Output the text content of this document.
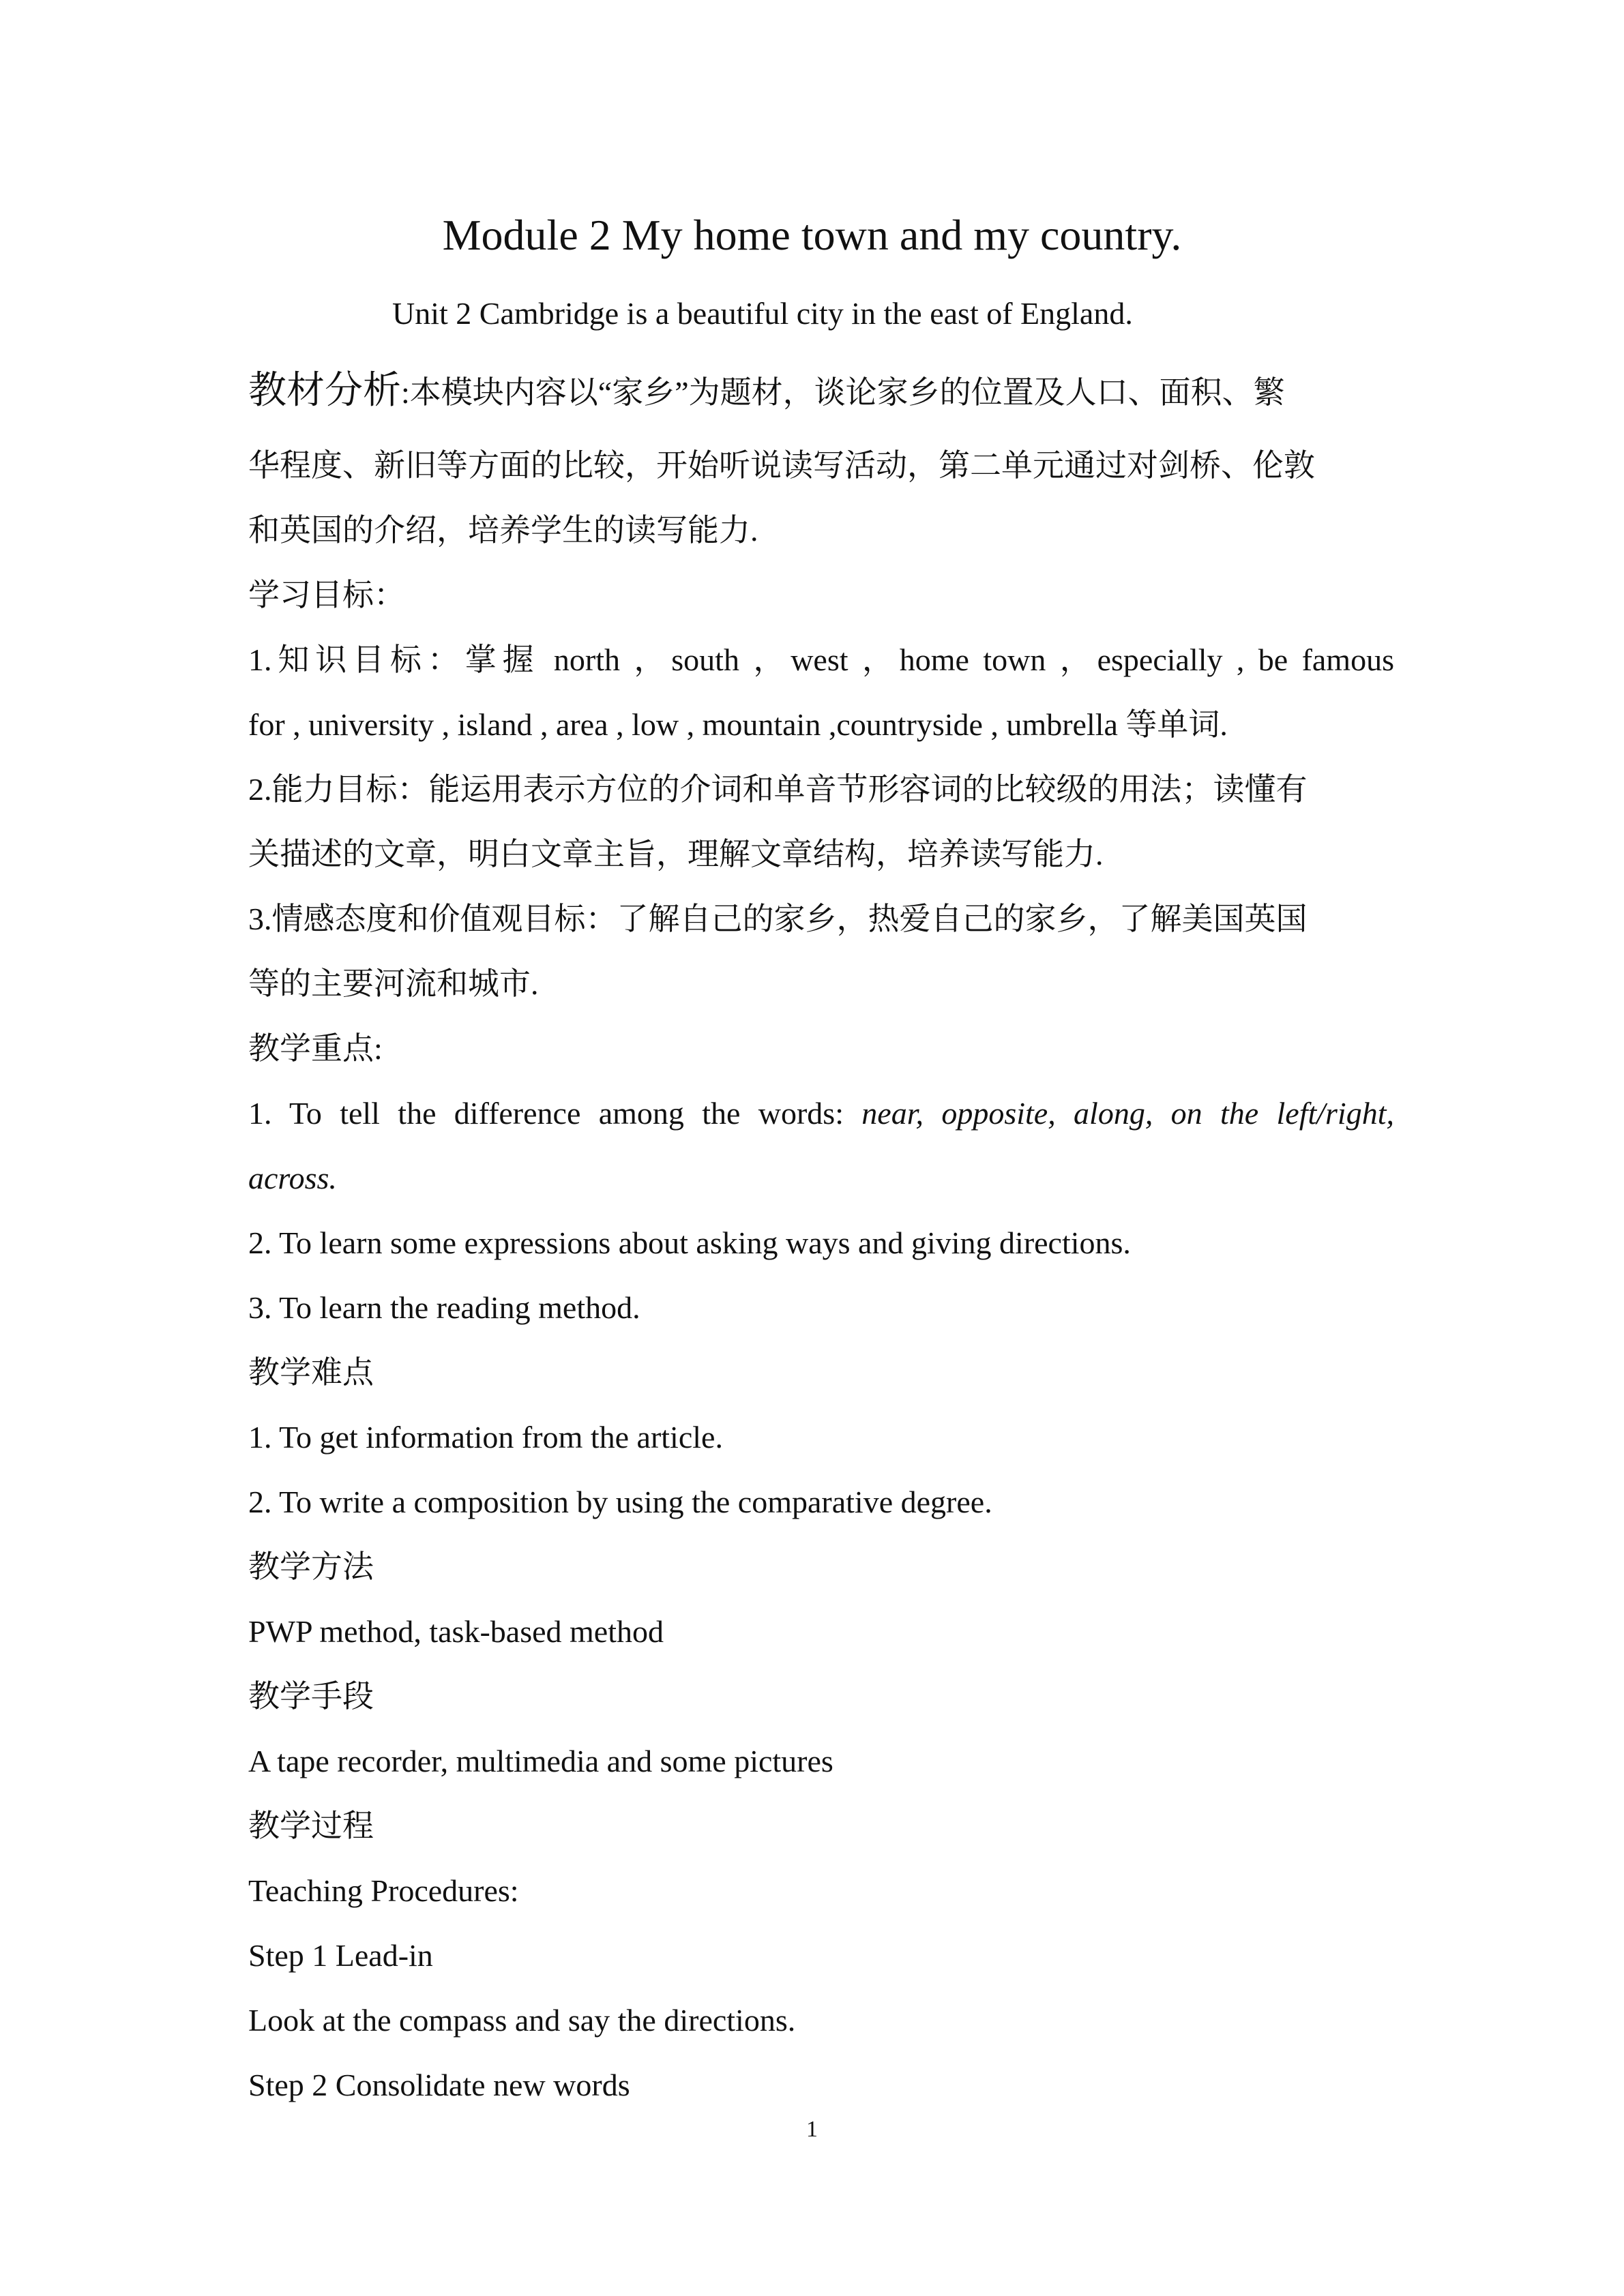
Module 2 My home town and my country.
Unit 2 Cambridge is a beautiful city in the east of England.
教材分析:本模块内容以“家乡”为题材，谈论家乡的位置及人口、面积、繁
华程度、新旧等方面的比较，开始听说读写活动，第二单元通过对剑桥、伦敦
和英国的介绍，培养学生的读写能力.
学习目标：
1.知识目标：掌握 north ，south ，west ，home town ，especially , be famous
for , university , island , area , low , mountain ,countryside , umbrella 等单词.
2.能力目标：能运用表示方位的介词和单音节形容词的比较级的用法；读懂有
关描述的文章，明白文章主旨，理解文章结构，培养读写能力.
3.情感态度和价值观目标：了解自己的家乡，热爱自己的家乡，了解美国英国
等的主要河流和城市.
教学重点:
1. To tell the difference among the words: near, opposite, along, on the left/right,
across.
2. To learn some expressions about asking ways and giving directions.
3. To learn the reading method.
教学难点
1. To get information from the article.
2. To write a composition by using the comparative degree.
教学方法
PWP method, task-based method
教学手段
A tape recorder, multimedia and some pictures
教学过程
Teaching Procedures:
Step 1 Lead-in
Look at the compass and say the directions.
Step 2 Consolidate new words
1
